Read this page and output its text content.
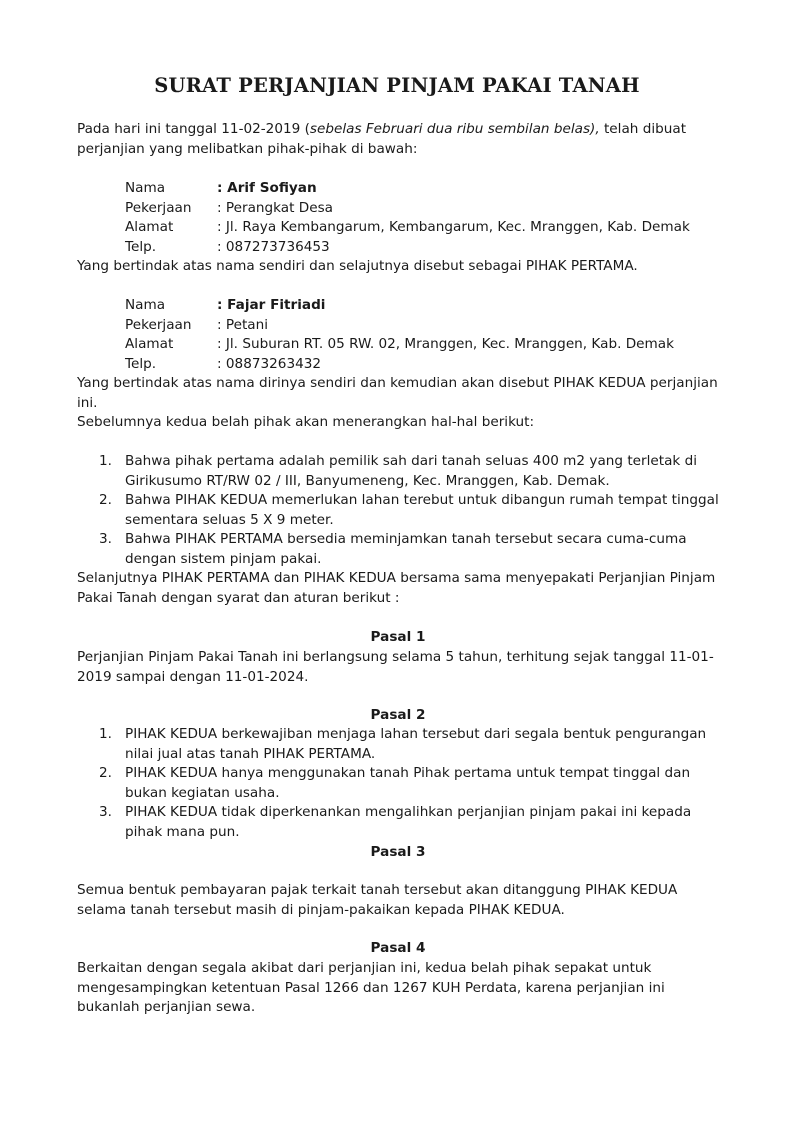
SURAT PERJANJIAN PINJAM PAKAI TANAH

Pada hari ini tanggal 11-02-2019 (sebelas Februari dua ribu sembilan belas), telah dibuat perjanjian yang melibatkan pihak-pihak di bawah:

Nama	: Arif Sofiyan
Pekerjaan	: Perangkat Desa
Alamat	: Jl. Raya Kembangarum, Kembangarum, Kec. Mranggen, Kab. Demak
Telp.	: 087273736453

Yang bertindak atas nama sendiri dan selajutnya disebut sebagai PIHAK PERTAMA.

Nama	: Fajar Fitriadi
Pekerjaan	: Petani
Alamat	: Jl. Suburan RT. 05 RW. 02, Mranggen, Kec. Mranggen, Kab. Demak
Telp.	: 08873263432

Yang bertindak atas nama dirinya sendiri dan kemudian akan disebut PIHAK KEDUA perjanjian ini.

Sebelumnya kedua belah pihak akan menerangkan hal-hal berikut:

1. Bahwa pihak pertama adalah pemilik sah dari tanah seluas 400 m2 yang terletak di Girikusumo RT/RW 02 / III, Banyumeneng, Kec. Mranggen, Kab. Demak.
2. Bahwa PIHAK KEDUA memerlukan lahan terebut untuk dibangun rumah tempat tinggal sementara seluas 5 X 9 meter.
3. Bahwa PIHAK PERTAMA bersedia meminjamkan tanah tersebut secara cuma-cuma dengan sistem pinjam pakai.

Selanjutnya PIHAK PERTAMA dan PIHAK KEDUA bersama sama menyepakati Perjanjian Pinjam Pakai Tanah dengan syarat dan aturan berikut :

Pasal 1

Perjanjian Pinjam Pakai Tanah ini berlangsung selama 5 tahun, terhitung sejak tanggal 11-01-2019 sampai dengan 11-01-2024.

Pasal 2

1. PIHAK KEDUA berkewajiban menjaga lahan tersebut dari segala bentuk pengurangan nilai jual atas tanah PIHAK PERTAMA.
2. PIHAK KEDUA hanya menggunakan tanah Pihak pertama untuk tempat tinggal dan bukan kegiatan usaha.
3. PIHAK KEDUA tidak diperkenankan mengalihkan perjanjian pinjam pakai ini kepada pihak mana pun.

Pasal 3

Semua bentuk pembayaran pajak terkait tanah tersebut akan ditanggung PIHAK KEDUA selama tanah tersebut masih di pinjam-pakaikan kepada PIHAK KEDUA.

Pasal 4

Berkaitan dengan segala akibat dari perjanjian ini, kedua belah pihak sepakat untuk mengesampingkan ketentuan Pasal 1266 dan 1267 KUH Perdata, karena perjanjian ini bukanlah perjanjian sewa.
